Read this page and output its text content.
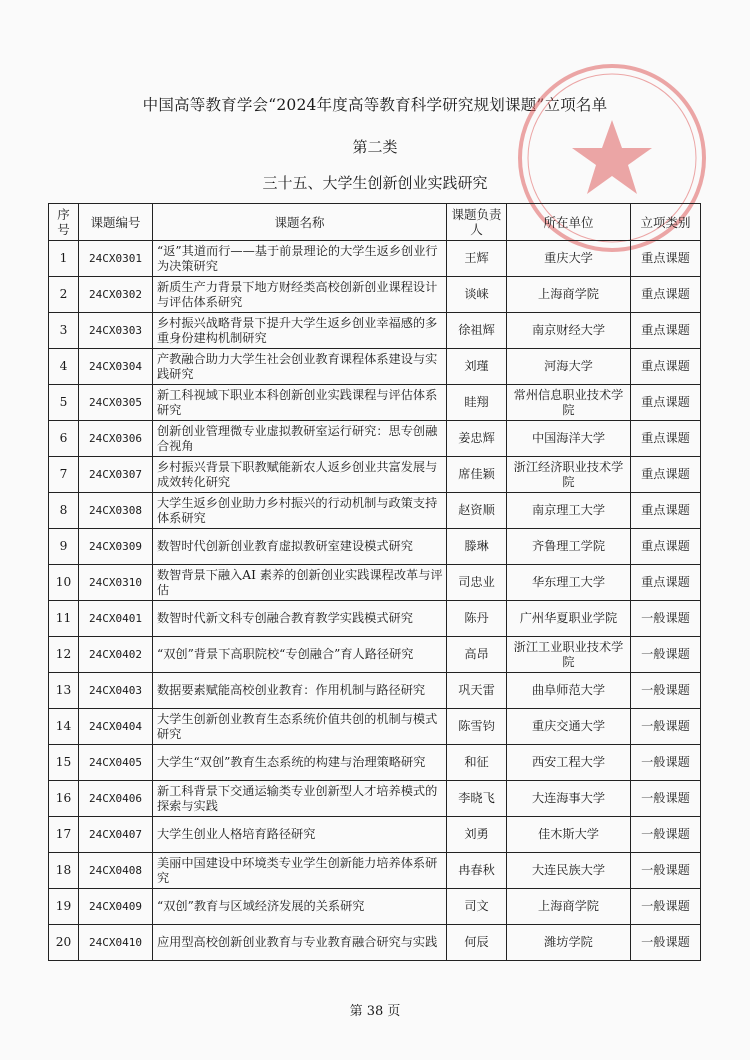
中国高等教育学会“2024年度高等教育科学研究规划课题”立项名单
第二类
三十五、大学生创新创业实践研究
序号	课题编号	课题名称	课题负责人	所在单位	立项类别
1	24CX0301	“返”其道而行——基于前景理论的大学生返乡创业行为决策研究	王辉	重庆大学	重点课题
2	24CX0302	新质生产力背景下地方财经类高校创新创业课程设计与评估体系研究	谈崃	上海商学院	重点课题
3	24CX0303	乡村振兴战略背景下提升大学生返乡创业幸福感的多重身份建构机制研究	徐祖辉	南京财经大学	重点课题
4	24CX0304	产教融合助力大学生社会创业教育课程体系建设与实践研究	刘瑾	河海大学	重点课题
5	24CX0305	新工科视域下职业本科创新创业实践课程与评估体系研究	眭翔	常州信息职业技术学院	重点课题
6	24CX0306	创新创业管理微专业虚拟教研室运行研究：思专创融合视角	姜忠辉	中国海洋大学	重点课题
7	24CX0307	乡村振兴背景下职教赋能新农人返乡创业共富发展与成效转化研究	席佳颖	浙江经济职业技术学院	重点课题
8	24CX0308	大学生返乡创业助力乡村振兴的行动机制与政策支持体系研究	赵资顺	南京理工大学	重点课题
9	24CX0309	数智时代创新创业教育虚拟教研室建设模式研究	滕琳	齐鲁理工学院	重点课题
10	24CX0310	数智背景下融入AI 素养的创新创业实践课程改革与评估	司忠业	华东理工大学	重点课题
11	24CX0401	数智时代新文科专创融合教育教学实践模式研究	陈丹	广州华夏职业学院	一般课题
12	24CX0402	“双创”背景下高职院校“专创融合”育人路径研究	高昂	浙江工业职业技术学院	一般课题
13	24CX0403	数据要素赋能高校创业教育：作用机制与路径研究	巩天雷	曲阜师范大学	一般课题
14	24CX0404	大学生创新创业教育生态系统价值共创的机制与模式研究	陈雪钧	重庆交通大学	一般课题
15	24CX0405	大学生“双创”教育生态系统的构建与治理策略研究	和征	西安工程大学	一般课题
16	24CX0406	新工科背景下交通运输类专业创新型人才培养模式的探索与实践	李晓飞	大连海事大学	一般课题
17	24CX0407	大学生创业人格培育路径研究	刘勇	佳木斯大学	一般课题
18	24CX0408	美丽中国建设中环境类专业学生创新能力培养体系研究	冉春秋	大连民族大学	一般课题
19	24CX0409	“双创”教育与区域经济发展的关系研究	司文	上海商学院	一般课题
20	24CX0410	应用型高校创新创业教育与专业教育融合研究与实践	何辰	潍坊学院	一般课题
第 38 页
